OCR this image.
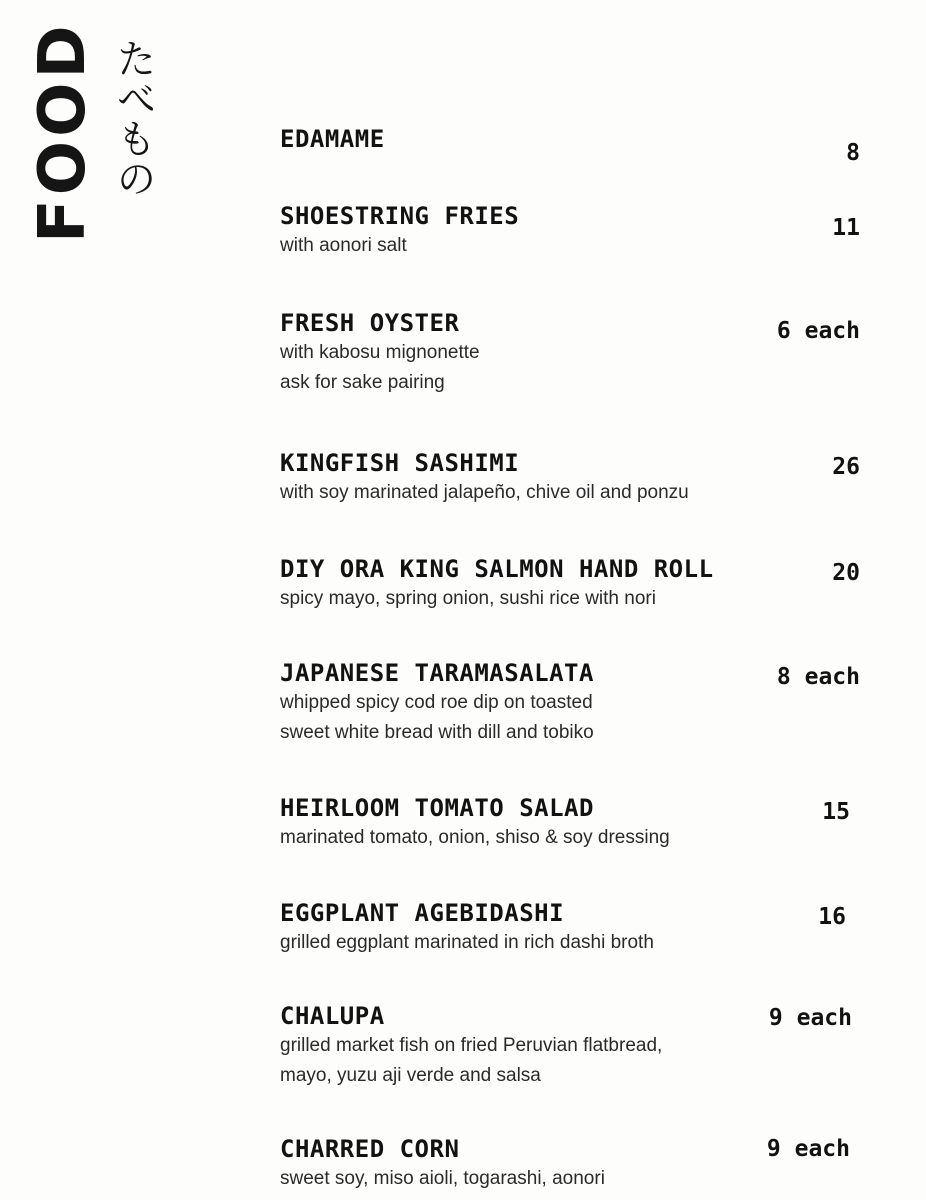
FOOD たべもの	EDAMAME	8
SHOESTRING FRIES
with aonori salt
11
FRESH OYSTER
with kabosu mignonette
ask for sake pairing
6 each
KINGFISH SASHIMI
with soy marinated jalapeño, chive oil and ponzu
26
DIY ORA KING SALMON HAND ROLL
spicy mayo, spring onion, sushi rice with nori
20
JAPANESE TARAMASALATA
whipped spicy cod roe dip on toasted
sweet white bread with dill and tobiko
8 each
HEIRLOOM TOMATO SALAD
marinated tomato, onion, shiso & soy dressing
15
EGGPLANT AGEBIDASHI
grilled eggplant marinated in rich dashi broth
16
CHALUPA
grilled market fish on fried Peruvian flatbread,
mayo, yuzu aji verde and salsa
9 each
CHARRED CORN
sweet soy, miso aioli, togarashi, aonori
9 each
